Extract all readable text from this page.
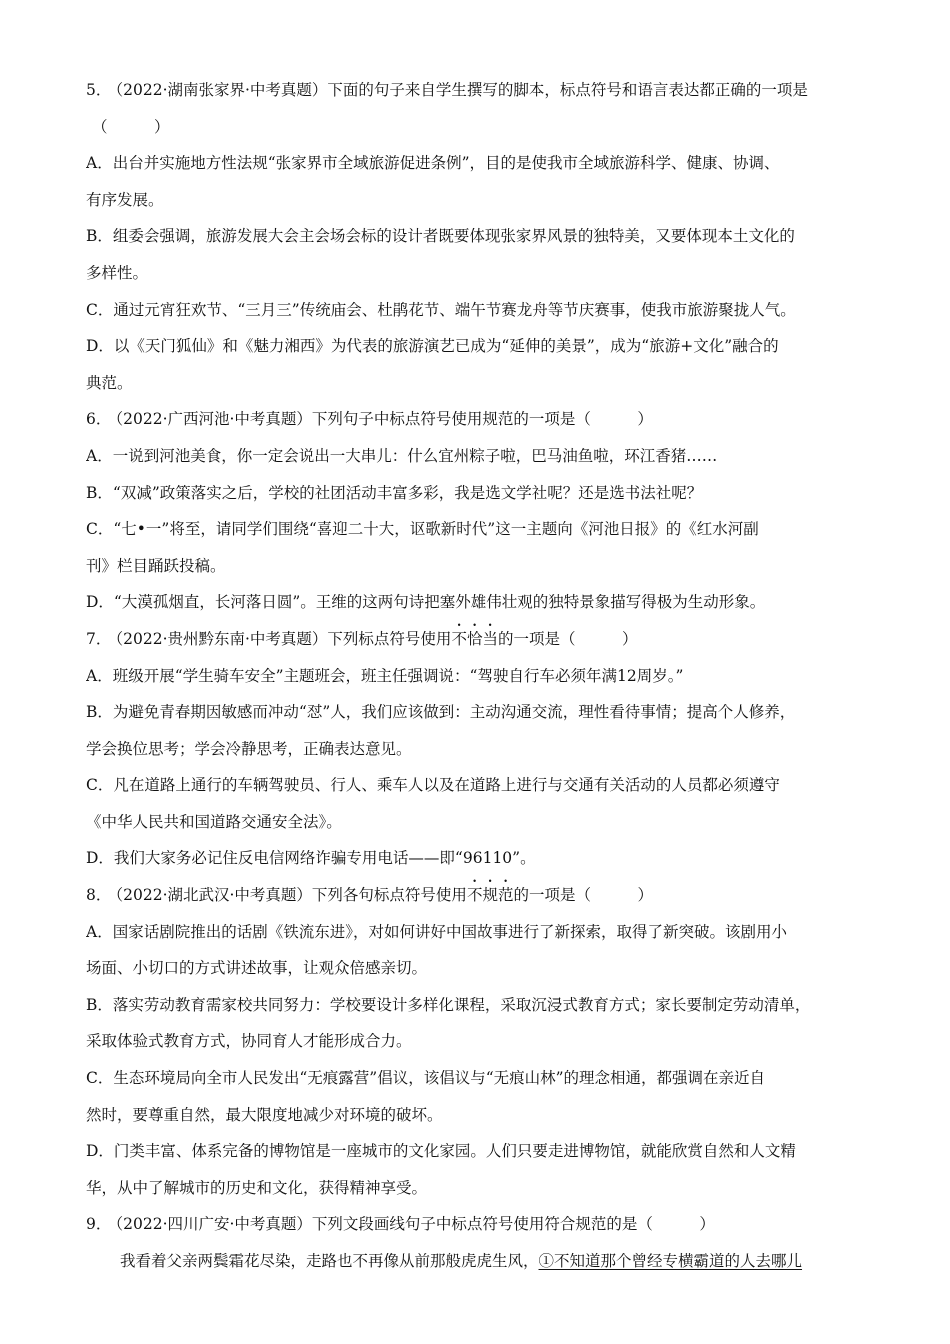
5． （2022·湖南张家界·中考真题）下面的句子来自学生撰写的脚本，标点符号和语言表达都正确的一项是
（　　　）
A．出台并实施地方性法规“张家界市全域旅游促进条例”，目的是使我市全域旅游科学、健康、协调、
有序发展。
B．组委会强调，旅游发展大会主会场会标的设计者既要体现张家界风景的独特美，又要体现本土文化的
多样性。
C．通过元宵狂欢节、“三月三”传统庙会、杜鹃花节、端午节赛龙舟等节庆赛事，使我市旅游聚拢人气。
D．以《天门狐仙》和《魅力湘西》为代表的旅游演艺已成为“延伸的美景”，成为“旅游+文化”融合的
典范。
6． （2022·广西河池·中考真题）下列句子中标点符号使用规范的一项是（　　　）
A．一说到河池美食，你一定会说出一大串儿：什么宜州粽子啦，巴马油鱼啦，环江香猪……
B．“双减”政策落实之后，学校的社团活动丰富多彩，我是选文学社呢？还是选书法社呢？
C．“七•一”将至，请同学们围绕“喜迎二十大，讴歌新时代”这一主题向《河池日报》的《红水河副
刊》栏目踊跃投稿。
D．“大漠孤烟直，长河落日圆”。王维的这两句诗把塞外雄伟壮观的独特景象描写得极为生动形象。
7． （2022·贵州黔东南·中考真题）下列标点符号使用不恰当的一项是（　　　）
A．班级开展“学生骑车安全”主题班会，班主任强调说：“驾驶自行车必须年满12周岁。”
B．为避免青春期因敏感而冲动“怼”人，我们应该做到：主动沟通交流，理性看待事情；提高个人修养，
学会换位思考；学会冷静思考，正确表达意见。
C．凡在道路上通行的车辆驾驶员、行人、乘车人以及在道路上进行与交通有关活动的人员都必须遵守
《中华人民共和国道路交通安全法》。
D．我们大家务必记住反电信网络诈骗专用电话——即“96110”。
8． （2022·湖北武汉·中考真题）下列各句标点符号使用不规范的一项是（　　　）
A．国家话剧院推出的话剧《铁流东进》，对如何讲好中国故事进行了新探索，取得了新突破。该剧用小
场面、小切口的方式讲述故事，让观众倍感亲切。
B．落实劳动教育需家校共同努力：学校要设计多样化课程，采取沉浸式教育方式；家长要制定劳动清单，
采取体验式教育方式，协同育人才能形成合力。
C．生态环境局向全市人民发出“无痕露营”倡议，该倡议与“无痕山林”的理念相通，都强调在亲近自
然时，要尊重自然，最大限度地减少对环境的破坏。
D．门类丰富、体系完备的博物馆是一座城市的文化家园。人们只要走进博物馆，就能欣赏自然和人文精
华，从中了解城市的历史和文化，获得精神享受。
9． （2022·四川广安·中考真题）下列文段画线句子中标点符号使用符合规范的是（　　　）
我看着父亲两鬓霜花尽染，走路也不再像从前那般虎虎生风，①不知道那个曾经专横霸道的人去哪儿
